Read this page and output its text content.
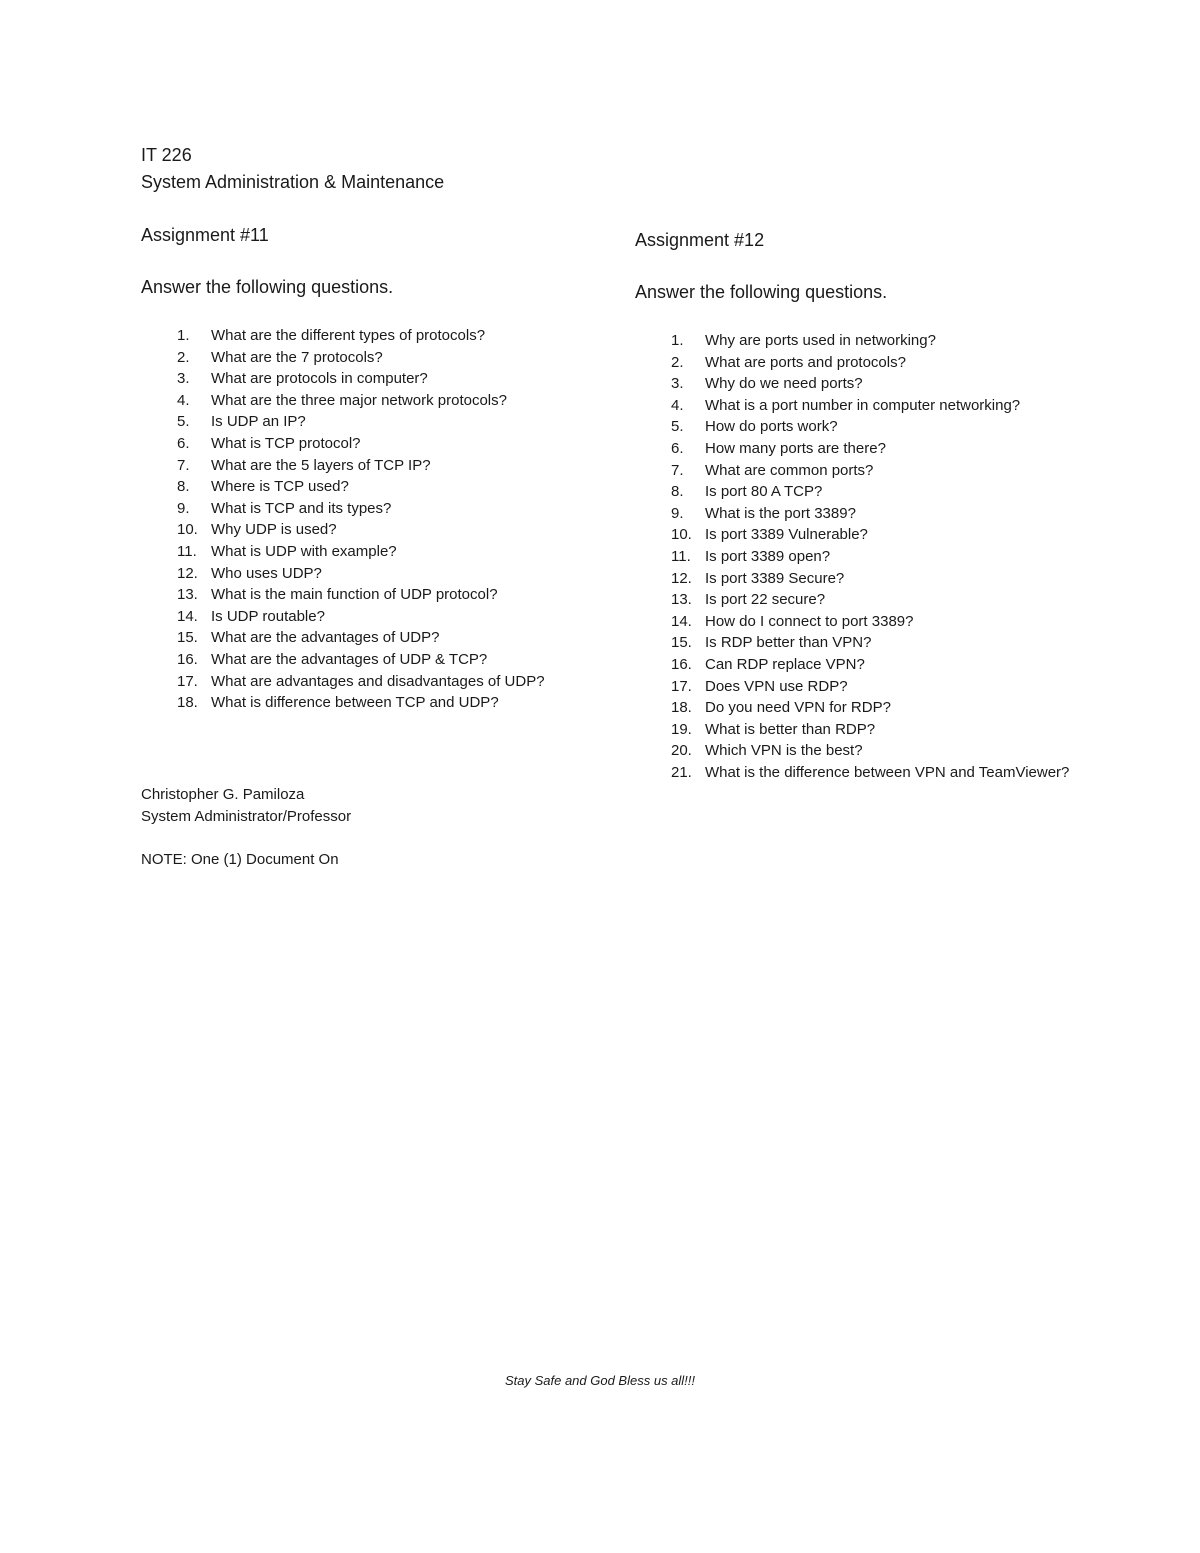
IT 226
System Administration & Maintenance

Assignment #11

Answer the following questions.

1.	What are the different types of protocols?
2.	What are the 7 protocols?
3.	What are protocols in computer?
4.	What are the three major network protocols?
5.	Is UDP an IP?
6.	What is TCP protocol?
7.	What are the 5 layers of TCP IP?
8.	Where is TCP used?
9.	What is TCP and its types?
10. Why UDP is used?
11. What is UDP with example?
12. Who uses UDP?
13. What is the main function of UDP protocol?
14. Is UDP routable?
15. What are the advantages of UDP?
16. What are the advantages of UDP & TCP?
17. What are advantages and disadvantages of UDP?
18. What is difference between TCP and UDP?

Assignment #12

Answer the following questions.

1.	Why are ports used in networking?
2.	What are ports and protocols?
3.	Why do we need ports?
4.	What is a port number in computer networking?
5.	How do ports work?
6.	How many ports are there?
7.	What are common ports?
8.	Is port 80 A TCP?
9.	What is the port 3389?
10. Is port 3389 Vulnerable?
11. Is port 3389 open?
12. Is port 3389 Secure?
13. Is port 22 secure?
14. How do I connect to port 3389?
15. Is RDP better than VPN?
16. Can RDP replace VPN?
17. Does VPN use RDP?
18. Do you need VPN for RDP?
19. What is better than RDP?
20. Which VPN is the best?
21. What is the difference between VPN and TeamViewer?
Christopher G. Pamiloza
System Administrator/Professor
NOTE: One (1) Document On
Stay Safe and God Bless us all!!!
